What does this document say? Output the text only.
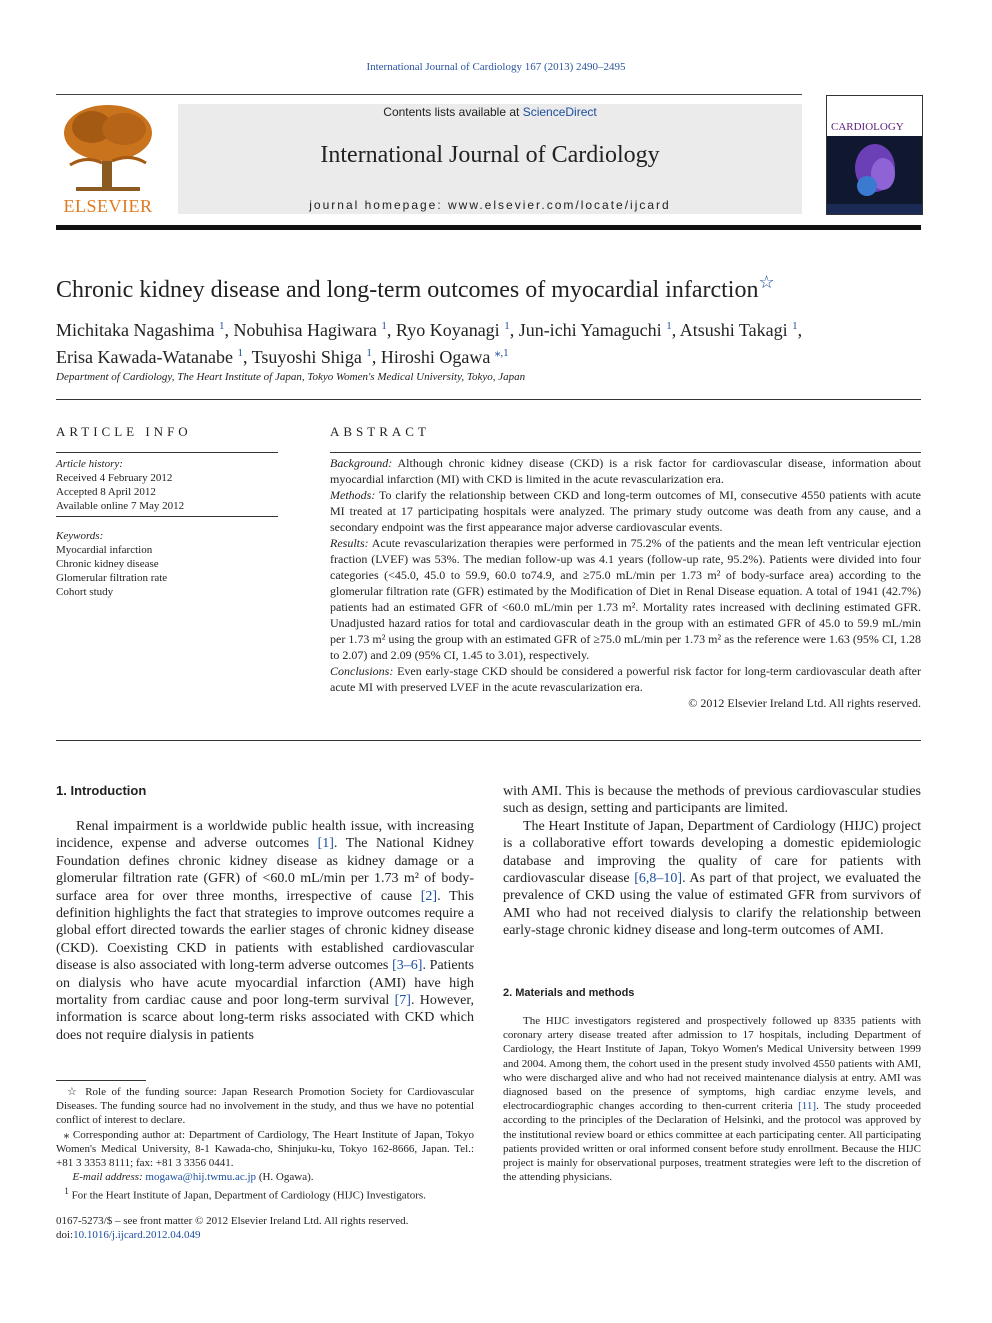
International Journal of Cardiology 167 (2013) 2490–2495
ELSEVIER
Contents lists available at ScienceDirect
International Journal of Cardiology
journal homepage: www.elsevier.com/locate/ijcard
CARDIOLOGY
Chronic kidney disease and long-term outcomes of myocardial infarction☆
Michitaka Nagashima $^1$, Nobuhisa Hagiwara $^1$, Ryo Koyanagi $^1$, Jun-ichi Yamaguchi $^1$, Atsushi Takagi $^1$,
Erisa Kawada-Watanabe $^1$, Tsuyoshi Shiga $^1$, Hiroshi Ogawa $^{⁎,1}$
Department of Cardiology, The Heart Institute of Japan, Tokyo Women's Medical University, Tokyo, Japan
ARTICLE INFO
Article history:
Received 4 February 2012
Accepted 8 April 2012
Available online 7 May 2012
Keywords:
Myocardial infarction
Chronic kidney disease
Glomerular filtration rate
Cohort study
ABSTRACT

Background: Although chronic kidney disease (CKD) is a risk factor for cardiovascular disease, information about myocardial infarction (MI) with CKD is limited in the acute revascularization era.

Methods: To clarify the relationship between CKD and long-term outcomes of MI, consecutive 4550 patients with acute MI treated at 17 participating hospitals were analyzed. The primary study outcome was death from any cause, and a secondary endpoint was the first appearance major adverse cardiovascular events.

Results: Acute revascularization therapies were performed in 75.2% of the patients and the mean left ventricular ejection fraction (LVEF) was 53%. The median follow-up was 4.1 years (follow-up rate, 95.2%). Patients were divided into four categories (<45.0, 45.0 to 59.9, 60.0 to74.9, and ≥75.0 mL/min per 1.73 m² of body-surface area) according to the glomerular filtration rate (GFR) estimated by the Modification of Diet in Renal Disease equation. A total of 1941 (42.7%) patients had an estimated GFR of <60.0 mL/min per 1.73 m². Mortality rates increased with declining estimated GFR. Unadjusted hazard ratios for total and cardiovascular death in the group with an estimated GFR of 45.0 to 59.9 mL/min per 1.73 m² using the group with an estimated GFR of ≥75.0 mL/min per 1.73 m² as the reference were 1.63 (95% CI, 1.28 to 2.07) and 2.09 (95% CI, 1.45 to 3.01), respectively.

Conclusions: Even early-stage CKD should be considered a powerful risk factor for long-term cardiovascular death after acute MI with preserved LVEF in the acute revascularization era.

© 2012 Elsevier Ireland Ltd. All rights reserved.

1. Introduction

Renal impairment is a worldwide public health issue, with increasing incidence, expense and adverse outcomes [1]. The National Kidney Foundation defines chronic kidney disease as kidney damage or a glomerular filtration rate (GFR) of <60.0 mL/min per 1.73 m² of body-surface area for over three months, irrespective of cause [2]. This definition highlights the fact that strategies to improve outcomes require a global effort directed towards the earlier stages of chronic kidney disease (CKD). Coexisting CKD in patients with established cardiovascular disease is also associated with long-term adverse outcomes [3–6]. Patients on dialysis who have acute myocardial infarction (AMI) have high mortality from cardiac cause and poor long-term survival [7]. However, information is scarce about long-term risks associated with CKD which does not require dialysis in patients

with AMI. This is because the methods of previous cardiovascular studies such as design, setting and participants are limited.

The Heart Institute of Japan, Department of Cardiology (HIJC) project is a collaborative effort towards developing a domestic epidemiologic database and improving the quality of care for patients with cardiovascular disease [6,8–10]. As part of that project, we evaluated the prevalence of CKD using the value of estimated GFR from survivors of AMI who had not received dialysis to clarify the relationship between early-stage chronic kidney disease and long-term outcomes of AMI.

2. Materials and methods

The HIJC investigators registered and prospectively followed up 8335 patients with coronary artery disease treated after admission to 17 hospitals, including Department of Cardiology, the Heart Institute of Japan, Tokyo Women's Medical University between 1999 and 2004. Among them, the cohort used in the present study involved 4550 patients with AMI, who were discharged alive and who had not received maintenance dialysis at entry. AMI was diagnosed based on the presence of symptoms, high cardiac enzyme levels, and electrocardiographic changes according to then-current criteria [11]. The study proceeded according to the principles of the Declaration of Helsinki, and the protocol was approved by the institutional review board or ethics committee at each participating center. All participating patients provided written or oral informed consent before study enrollment. Because the HIJC project is mainly for observational purposes, treatment strategies were left to the discretion of the attending physicians.

☆ Role of the funding source: Japan Research Promotion Society for Cardiovascular Diseases. The funding source had no involvement in the study, and thus we have no potential conflict of interest to declare.

⁎ Corresponding author at: Department of Cardiology, The Heart Institute of Japan, Tokyo Women's Medical University, 8-1 Kawada-cho, Shinjuku-ku, Tokyo 162-8666, Japan. Tel.: +81 3 3353 8111; fax: +81 3 3356 0441.

E-mail address: mogawa@hij.twmu.ac.jp (H. Ogawa).

$^1$ For the Heart Institute of Japan, Department of Cardiology (HIJC) Investigators.

0167-5273/$ – see front matter © 2012 Elsevier Ireland Ltd. All rights reserved.
doi:10.1016/j.ijcard.2012.04.049
